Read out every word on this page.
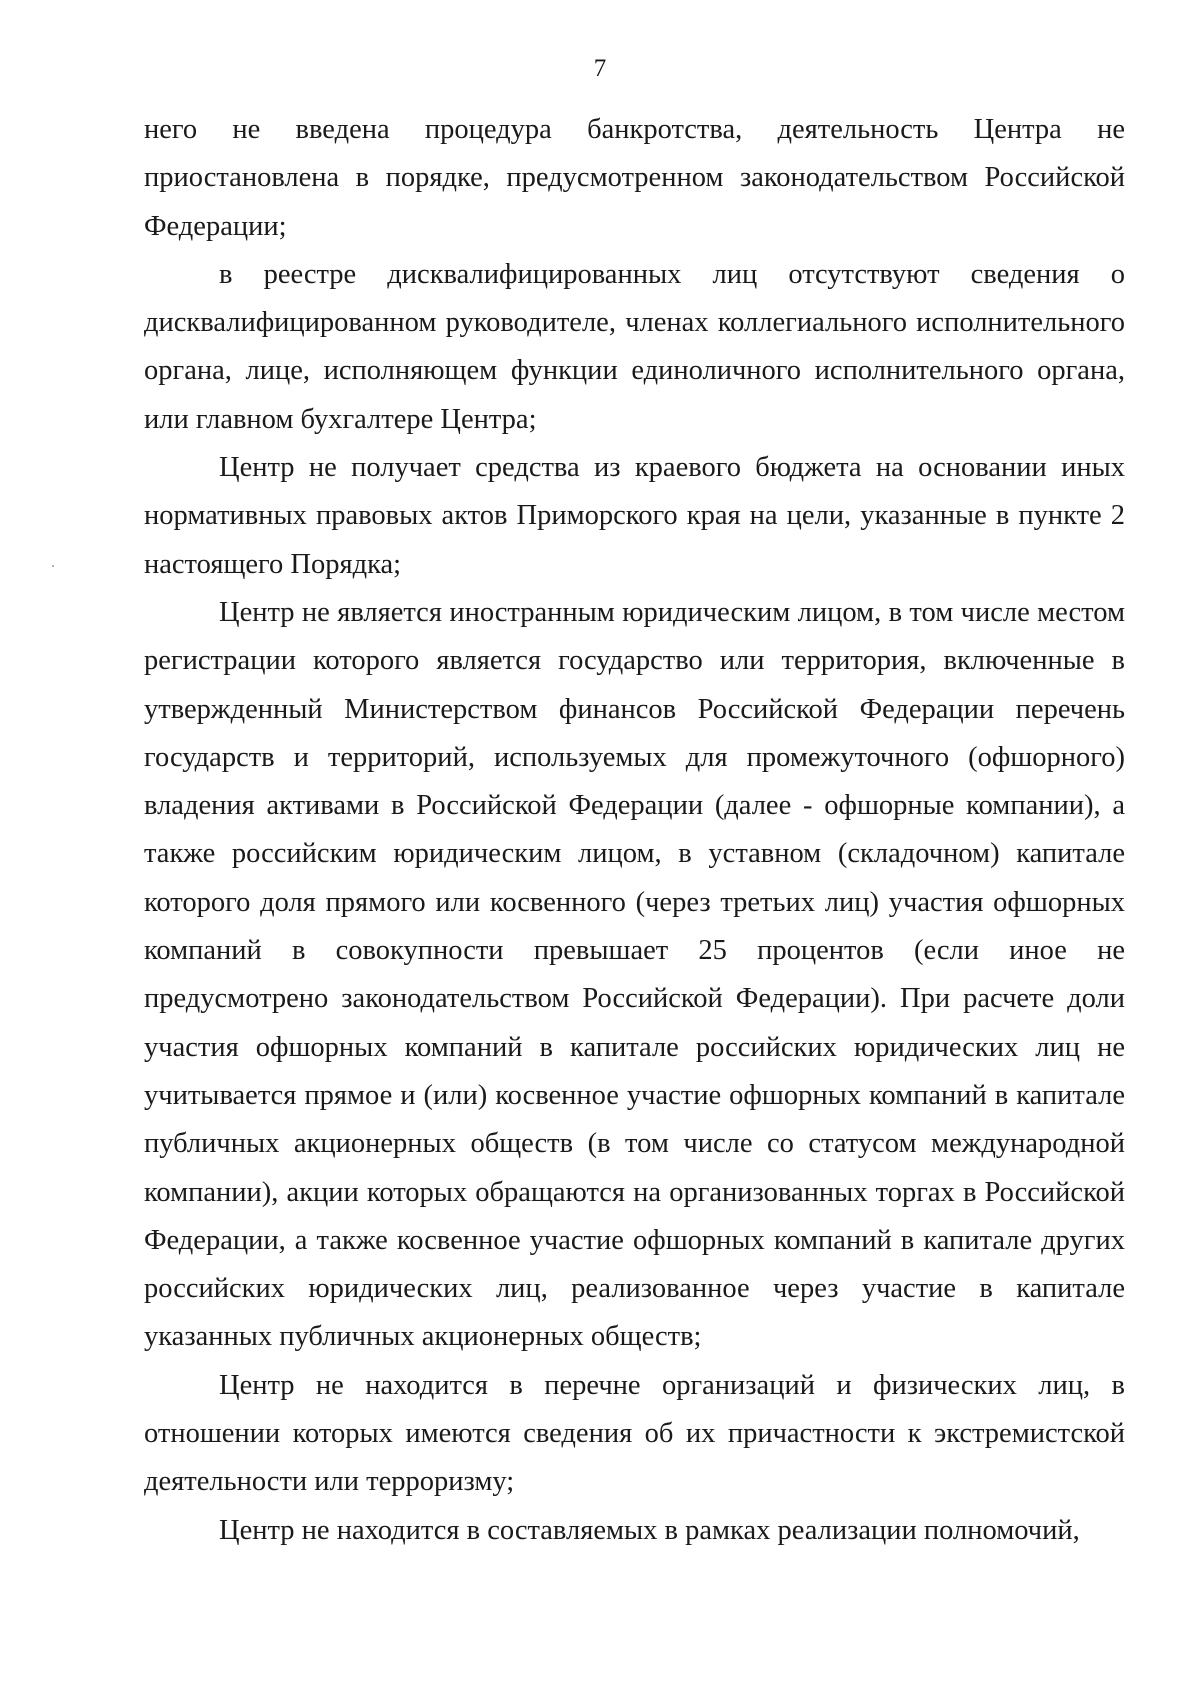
7

него не введена процедура банкротства, деятельность Центра не приостановлена в порядке, предусмотренном законодательством Российской Федерации;

в реестре дисквалифицированных лиц отсутствуют сведения о дисквалифицированном руководителе, членах коллегиального исполнительного органа, лице, исполняющем функции единоличного исполнительного органа, или главном бухгалтере Центра;

Центр не получает средства из краевого бюджета на основании иных нормативных правовых актов Приморского края на цели, указанные в пункте 2 настоящего Порядка;

Центр не является иностранным юридическим лицом, в том числе местом регистрации которого является государство или территория, включенные в утвержденный Министерством финансов Российской Федерации перечень государств и территорий, используемых для промежуточного (офшорного) владения активами в Российской Федерации (далее - офшорные компании), а также российским юридическим лицом, в уставном (складочном) капитале которого доля прямого или косвенного (через третьих лиц) участия офшорных компаний в совокупности превышает 25 процентов (если иное не предусмотрено законодательством Российской Федерации). При расчете доли участия офшорных компаний в капитале российских юридических лиц не учитывается прямое и (или) косвенное участие офшорных компаний в капитале публичных акционерных обществ (в том числе со статусом международной компании), акции которых обращаются на организованных торгах в Российской Федерации, а также косвенное участие офшорных компаний в капитале других российских юридических лиц, реализованное через участие в капитале указанных публичных акционерных обществ;

Центр не находится в перечне организаций и физических лиц, в отношении которых имеются сведения об их причастности к экстремистской деятельности или терроризму;

Центр не находится в составляемых в рамках реализации полномочий,
